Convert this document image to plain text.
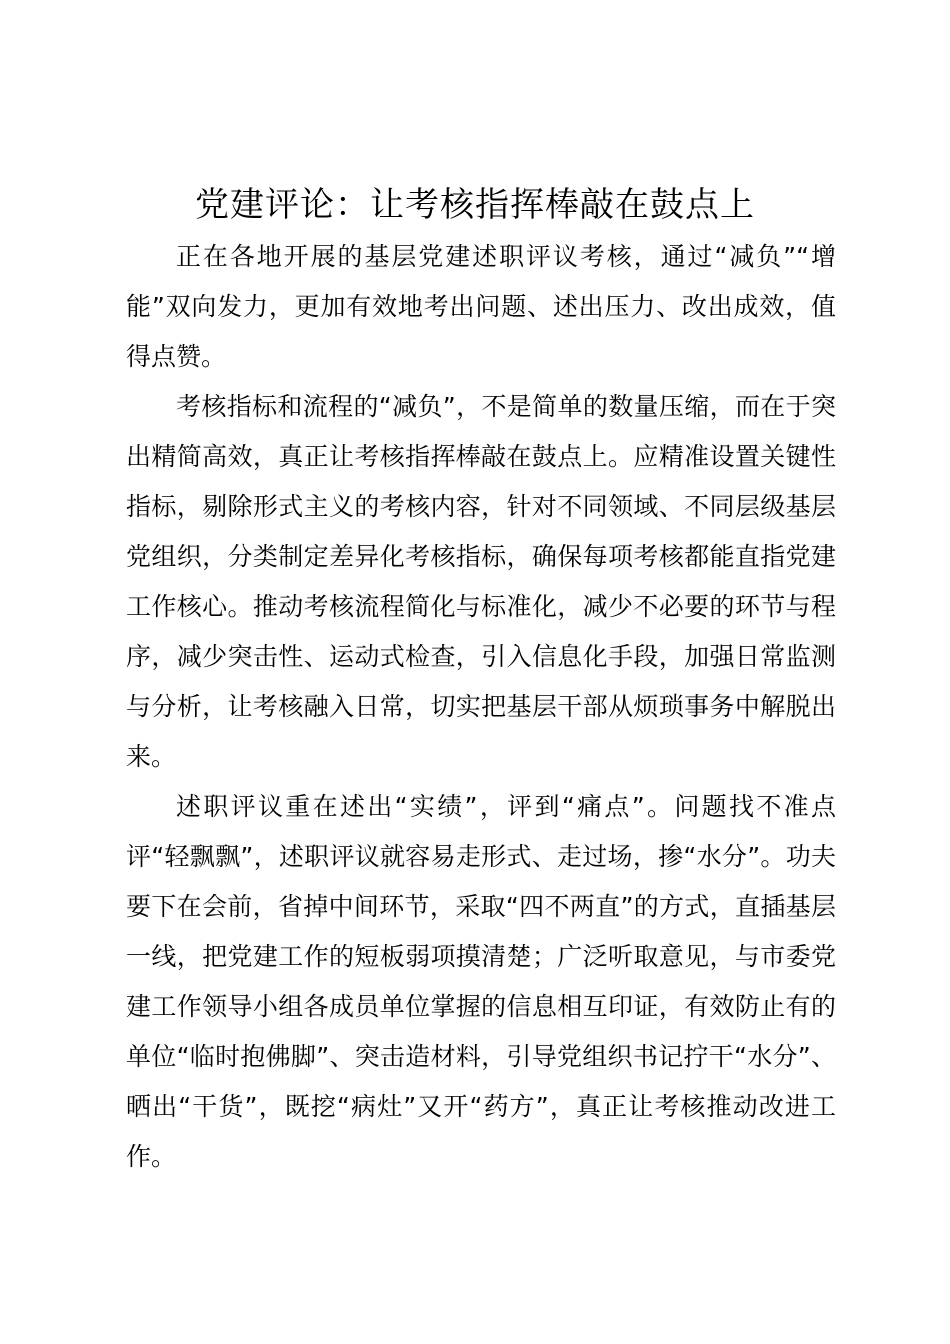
党建评论：让考核指挥棒敲在鼓点上

正在各地开展的基层党建述职评议考核，通过“减负”“增能”双向发力，更加有效地考出问题、述出压力、改出成效，值得点赞。

考核指标和流程的“减负”，不是简单的数量压缩，而在于突出精简高效，真正让考核指挥棒敲在鼓点上。应精准设置关键性指标，剔除形式主义的考核内容，针对不同领域、不同层级基层党组织，分类制定差异化考核指标，确保每项考核都能直指党建工作核心。推动考核流程简化与标准化，减少不必要的环节与程序，减少突击性、运动式检查，引入信息化手段，加强日常监测与分析，让考核融入日常，切实把基层干部从烦琐事务中解脱出来。

述职评议重在述出“实绩”，评到“痛点”。问题找不准点评“轻飘飘”，述职评议就容易走形式、走过场，掺“水分”。功夫要下在会前，省掉中间环节，采取“四不两直”的方式，直插基层一线，把党建工作的短板弱项摸清楚；广泛听取意见，与市委党建工作领导小组各成员单位掌握的信息相互印证，有效防止有的单位“临时抱佛脚”、突击造材料，引导党组织书记拧干“水分”、晒出“干货”，既挖“病灶”又开“药方”，真正让考核推动改进工作。
